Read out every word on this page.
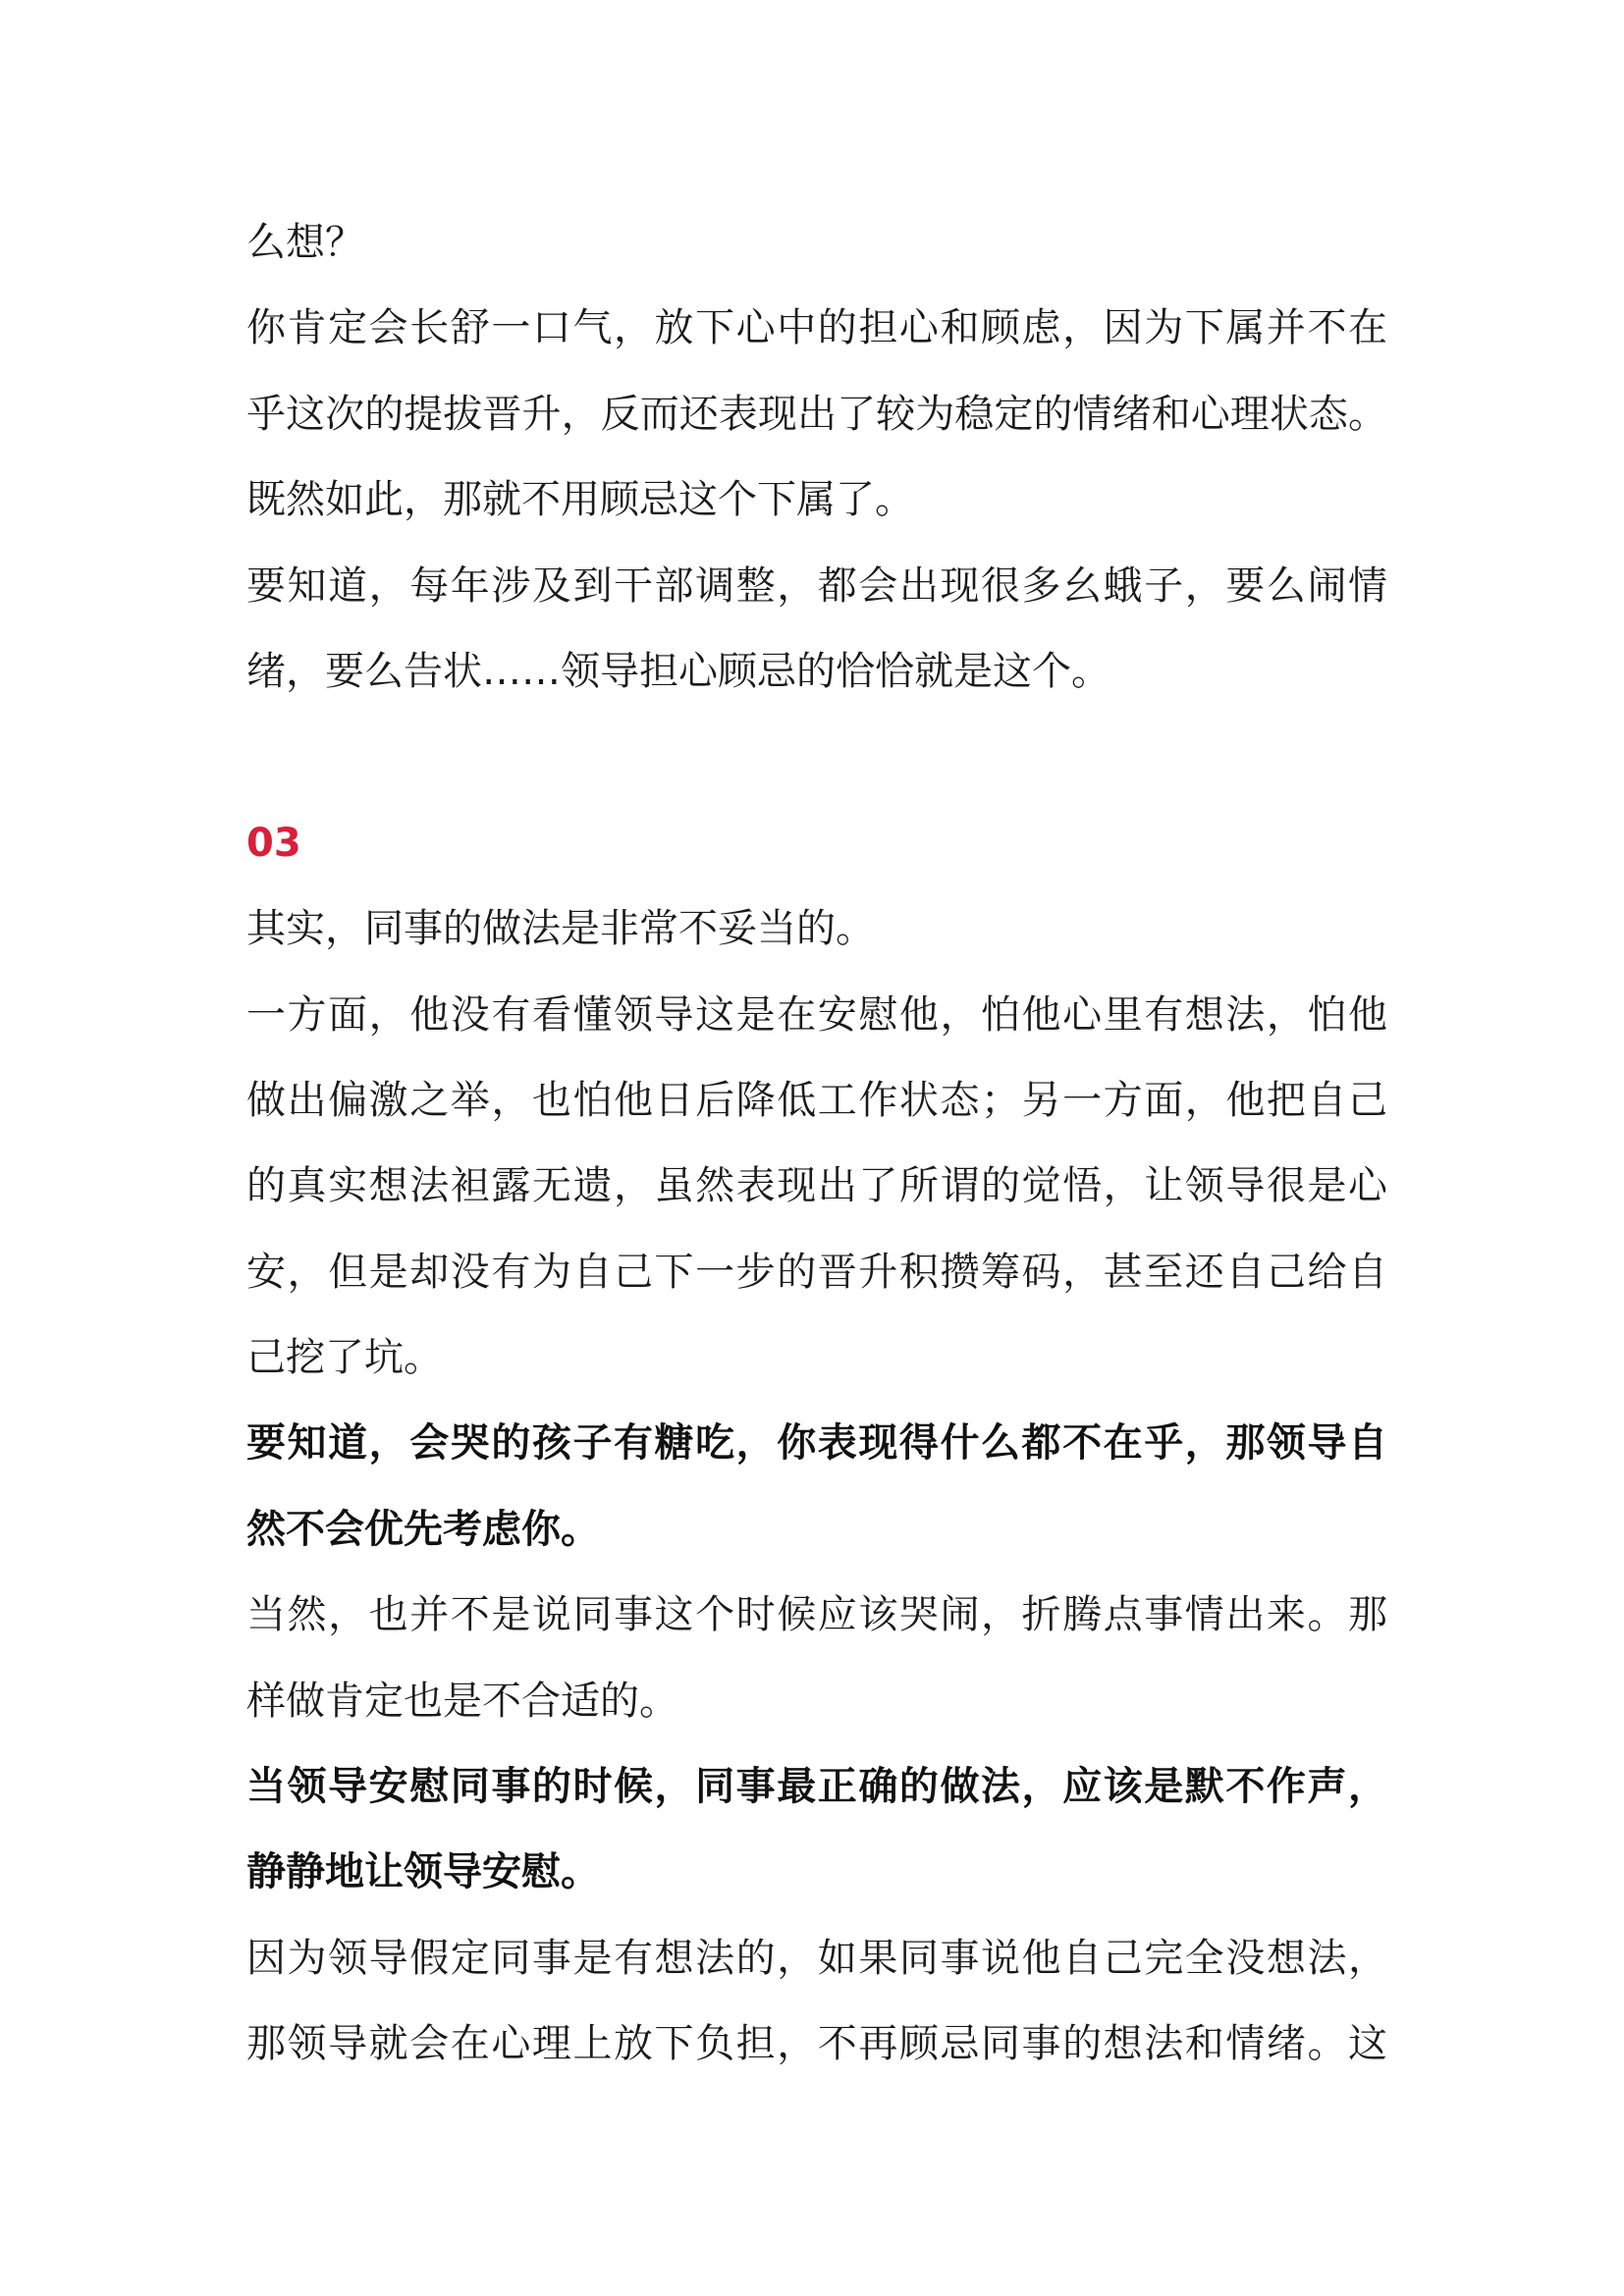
么想？
你肯定会长舒一口气，放下心中的担心和顾虑，因为下属并不在
乎这次的提拔晋升，反而还表现出了较为稳定的情绪和心理状态。
既然如此，那就不用顾忌这个下属了。
要知道，每年涉及到干部调整，都会出现很多幺蛾子，要么闹情
绪，要么告状……领导担心顾忌的恰恰就是这个。
03
其实，同事的做法是非常不妥当的。
一方面，他没有看懂领导这是在安慰他，怕他心里有想法，怕他
做出偏激之举，也怕他日后降低工作状态；另一方面，他把自己
的真实想法袒露无遗，虽然表现出了所谓的觉悟，让领导很是心
安，但是却没有为自己下一步的晋升积攒筹码，甚至还自己给自
己挖了坑。
要知道，会哭的孩子有糖吃，你表现得什么都不在乎，那领导自
然不会优先考虑你。
当然，也并不是说同事这个时候应该哭闹，折腾点事情出来。那
样做肯定也是不合适的。
当领导安慰同事的时候，同事最正确的做法，应该是默不作声，
静静地让领导安慰。
因为领导假定同事是有想法的，如果同事说他自己完全没想法，
那领导就会在心理上放下负担，不再顾忌同事的想法和情绪。这
